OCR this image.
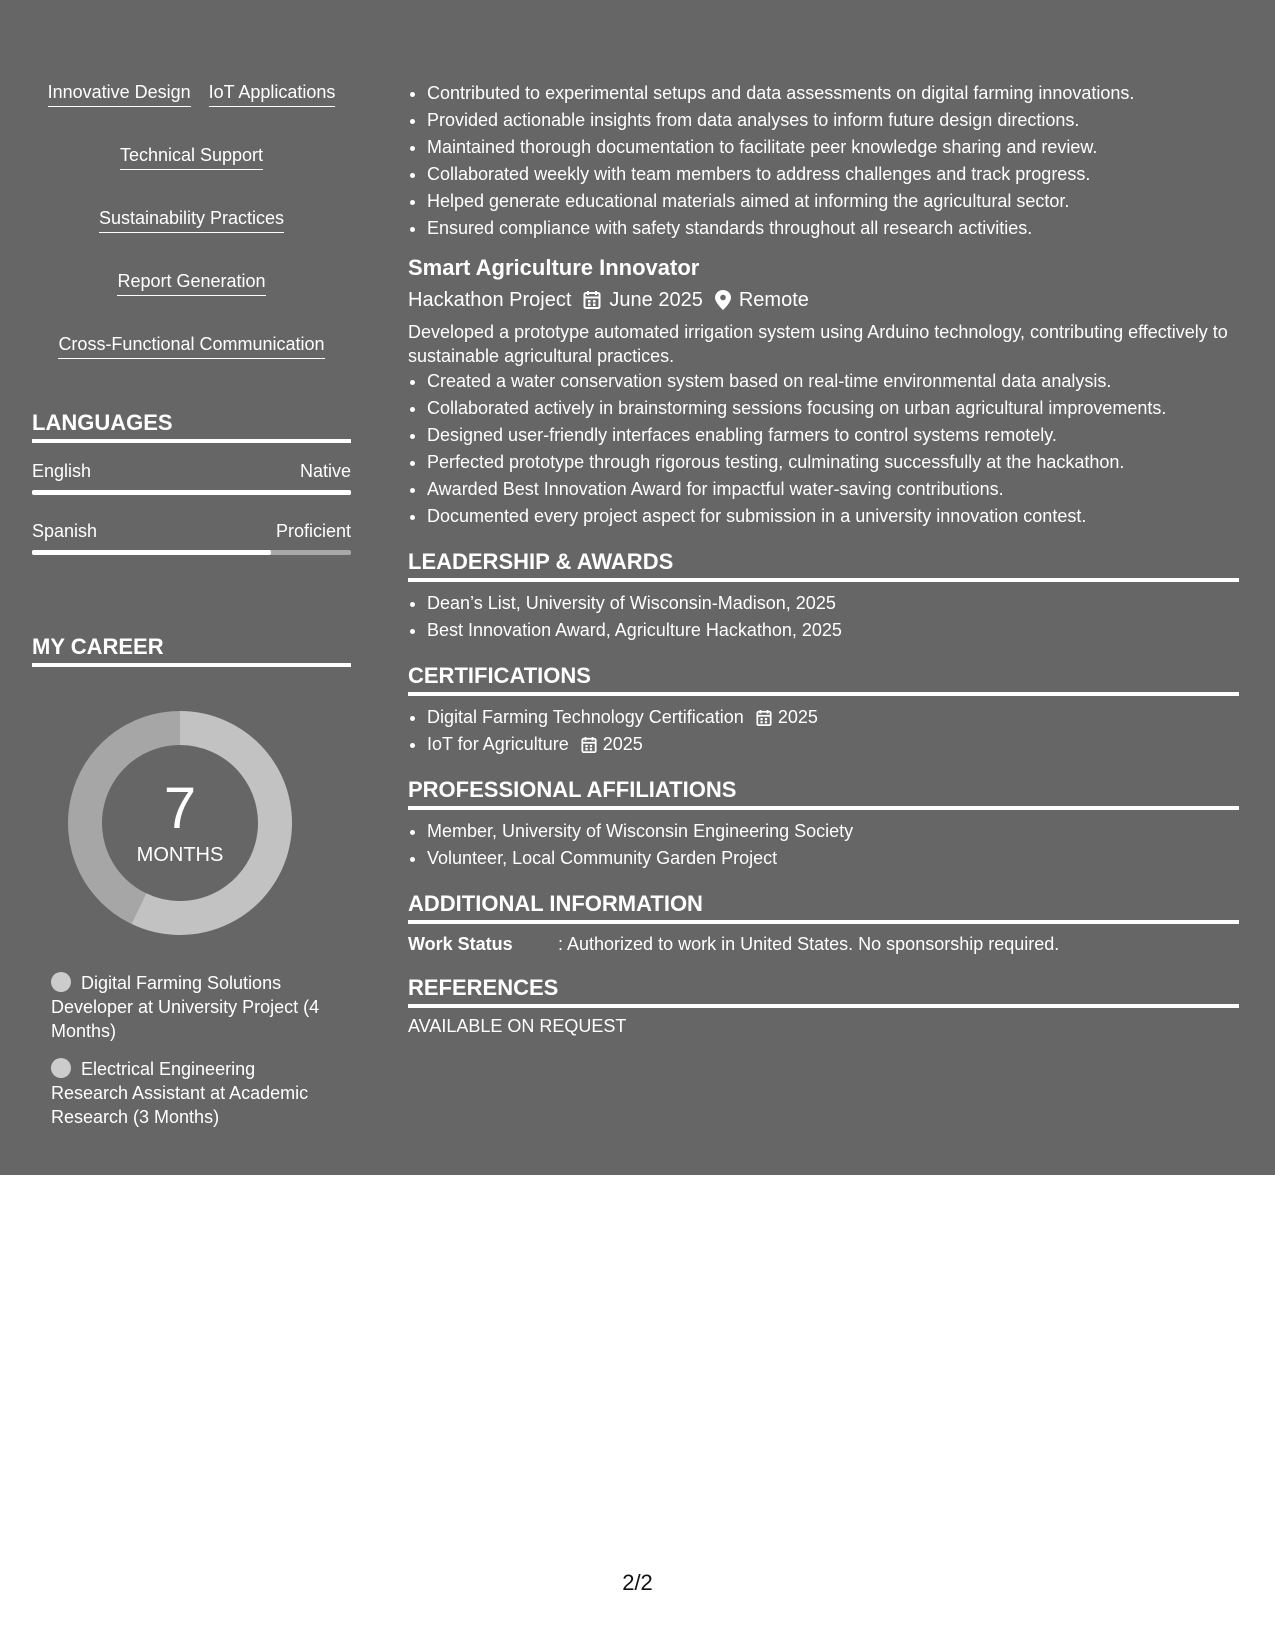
Innovative Design IoT Applications
Technical Support
Sustainability Practices
Report Generation
Cross-Functional Communication
LANGUAGES
English	Native
Spanish	Proficient
MY CAREER
7
MONTHS
Digital Farming Solutions Developer at University Project (4 Months)
Electrical Engineering Research Assistant at Academic Research (3 Months)
• Contributed to experimental setups and data assessments on digital farming innovations.
• Provided actionable insights from data analyses to inform future design directions.
• Maintained thorough documentation to facilitate peer knowledge sharing and review.
• Collaborated weekly with team members to address challenges and track progress.
• Helped generate educational materials aimed at informing the agricultural sector.
• Ensured compliance with safety standards throughout all research activities.
Smart Agriculture Innovator
Hackathon Project June 2025 Remote
Developed a prototype automated irrigation system using Arduino technology, contributing effectively to sustainable agricultural practices.
• Created a water conservation system based on real-time environmental data analysis.
• Collaborated actively in brainstorming sessions focusing on urban agricultural improvements.
• Designed user-friendly interfaces enabling farmers to control systems remotely.
• Perfected prototype through rigorous testing, culminating successfully at the hackathon.
• Awarded Best Innovation Award for impactful water-saving contributions.
• Documented every project aspect for submission in a university innovation contest.
LEADERSHIP & AWARDS
• Dean’s List, University of Wisconsin-Madison, 2025
• Best Innovation Award, Agriculture Hackathon, 2025
CERTIFICATIONS
• Digital Farming Technology Certification 2025
• IoT for Agriculture 2025
PROFESSIONAL AFFILIATIONS
• Member, University of Wisconsin Engineering Society
• Volunteer, Local Community Garden Project
ADDITIONAL INFORMATION
Work Status	: Authorized to work in United States. No sponsorship required.
REFERENCES
AVAILABLE ON REQUEST
2/2
